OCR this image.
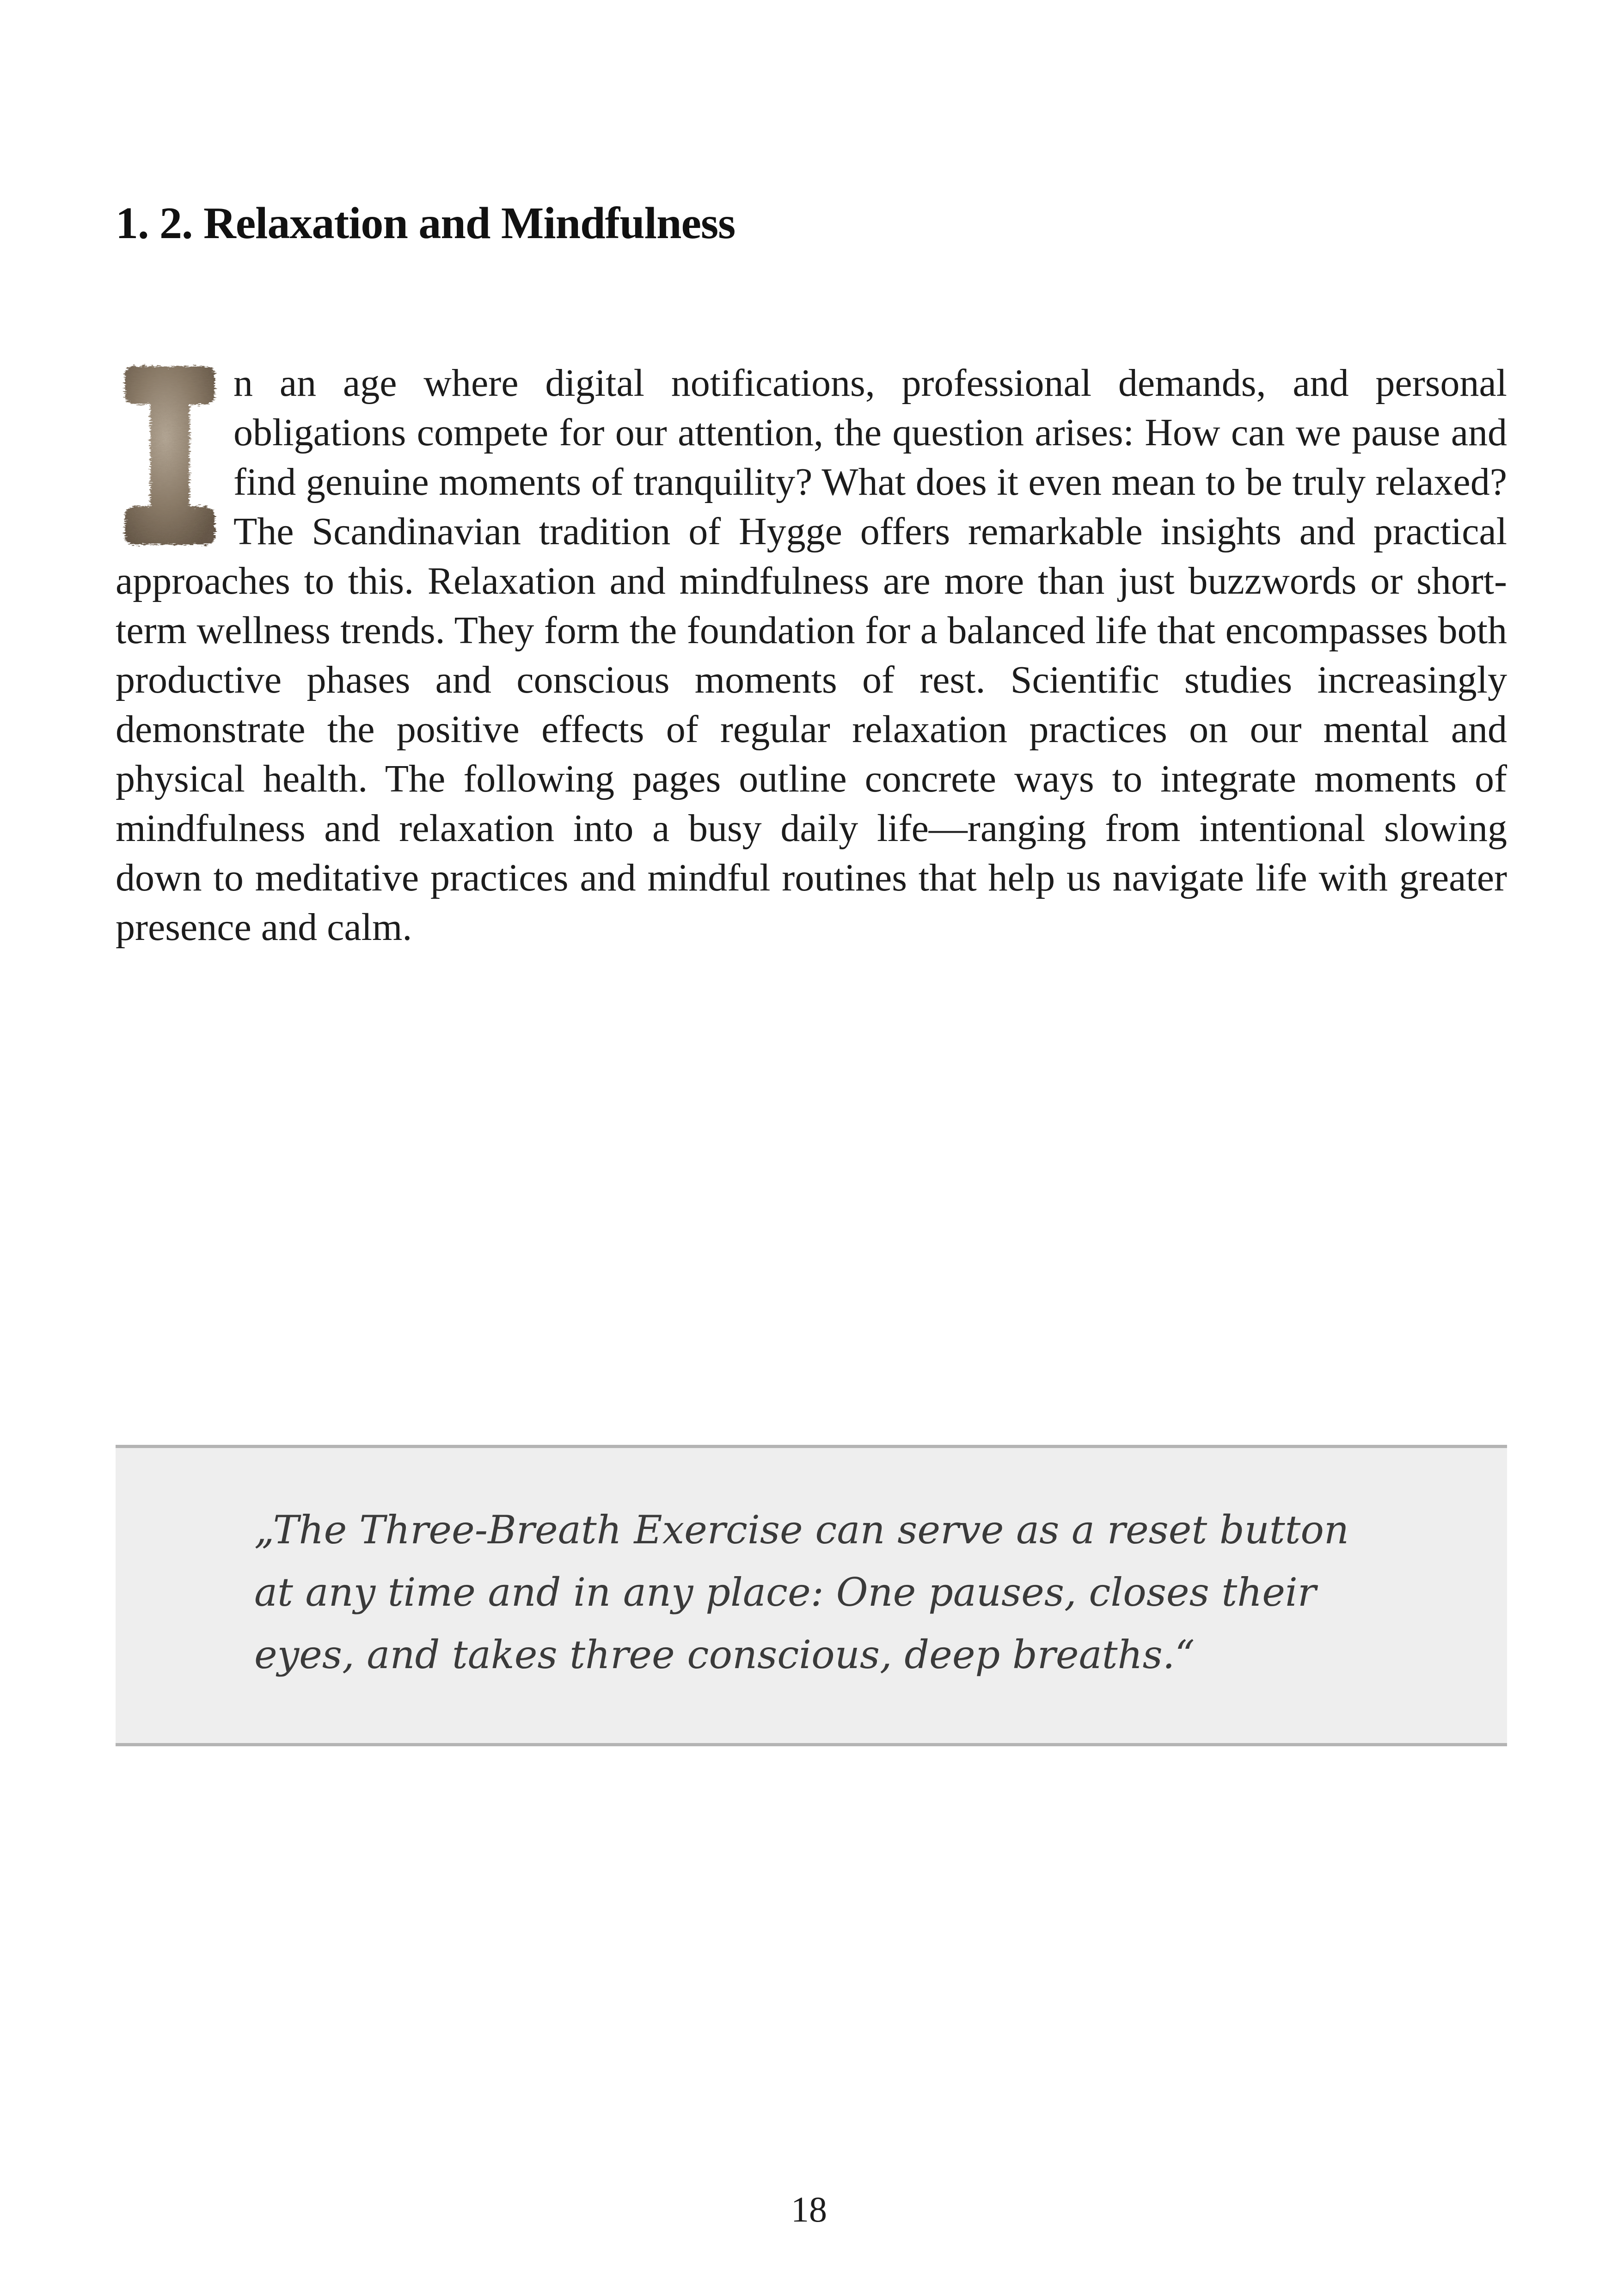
1. 2. Relaxation and Mindfulness

n an age where digital notifications, professional demands, and personal obligations compete for our attention, the question arises: How can we pause and find genuine moments of tranquility? What does it even mean to be truly relaxed? The Scandinavian tradition of Hygge offers remarkable insights and practical approaches to this. Relaxation and mindfulness are more than just buzzwords or short-term wellness trends. They form the foundation for a balanced life that encompasses both productive phases and conscious moments of rest. Scientific studies increasingly demonstrate the positive effects of regular relaxation practices on our mental and physical health. The following pages outline concrete ways to integrate moments of mindfulness and relaxation into a busy daily life—ranging from intentional slowing down to meditative practices and mindful routines that help us navigate life with greater presence and calm.

„The Three-Breath Exercise can serve as a reset button at any time and in any place: One pauses, closes their eyes, and takes three conscious, deep breaths.“

18
